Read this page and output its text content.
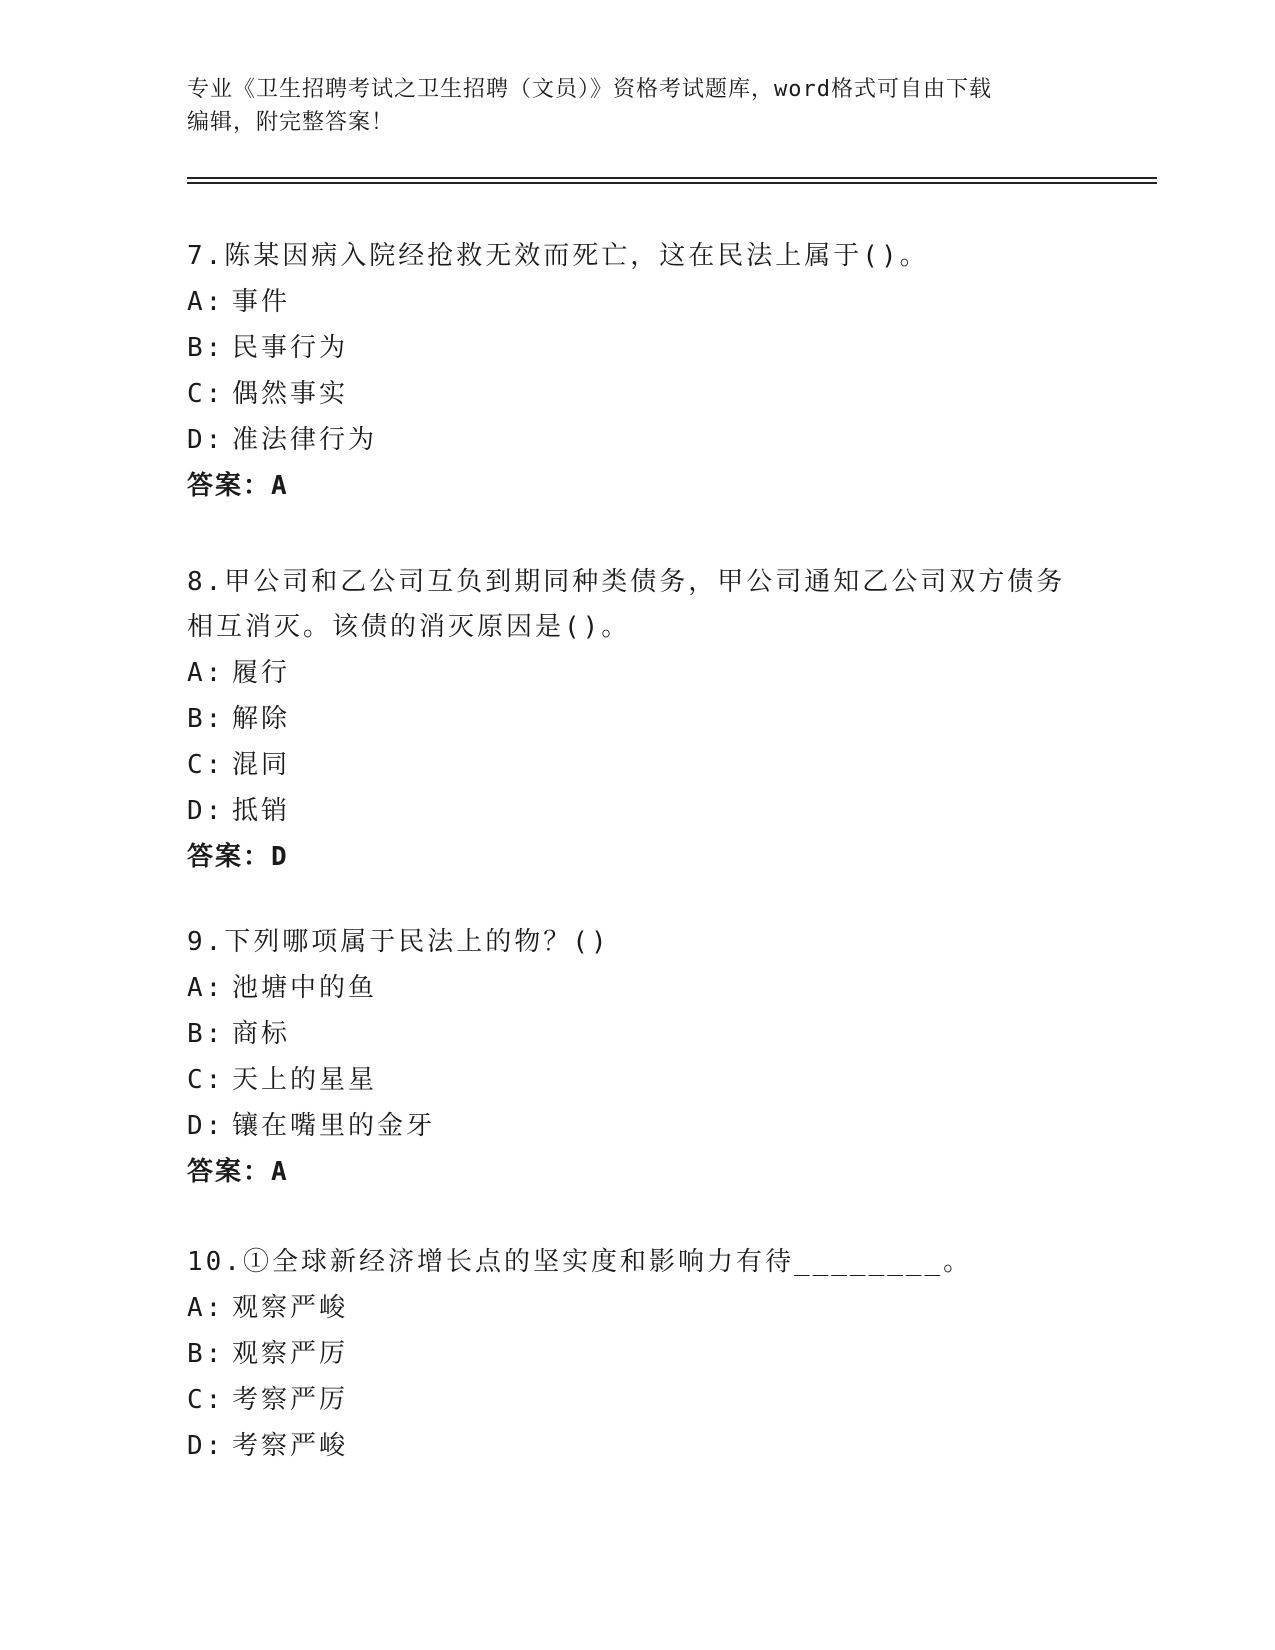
专业《卫生招聘考试之卫生招聘（文员）》资格考试题库，word格式可自由下载
编辑，附完整答案！

7.陈某因病入院经抢救无效而死亡，这在民法上属于()。

A: 事件
B: 民事行为
C: 偶然事实
D: 准法律行为

答案：A

8.甲公司和乙公司互负到期同种类债务，甲公司通知乙公司双方债务

相互消灭。该债的消灭原因是()。

A: 履行
B: 解除
C: 混同
D: 抵销

答案：D

9.下列哪项属于民法上的物？()

A: 池塘中的鱼
B: 商标
C: 天上的星星
D: 镶在嘴里的金牙

答案：A

10.①全球新经济增长点的坚实度和影响力有待________。

A: 观察严峻
B: 观察严厉
C: 考察严厉
D: 考察严峻
